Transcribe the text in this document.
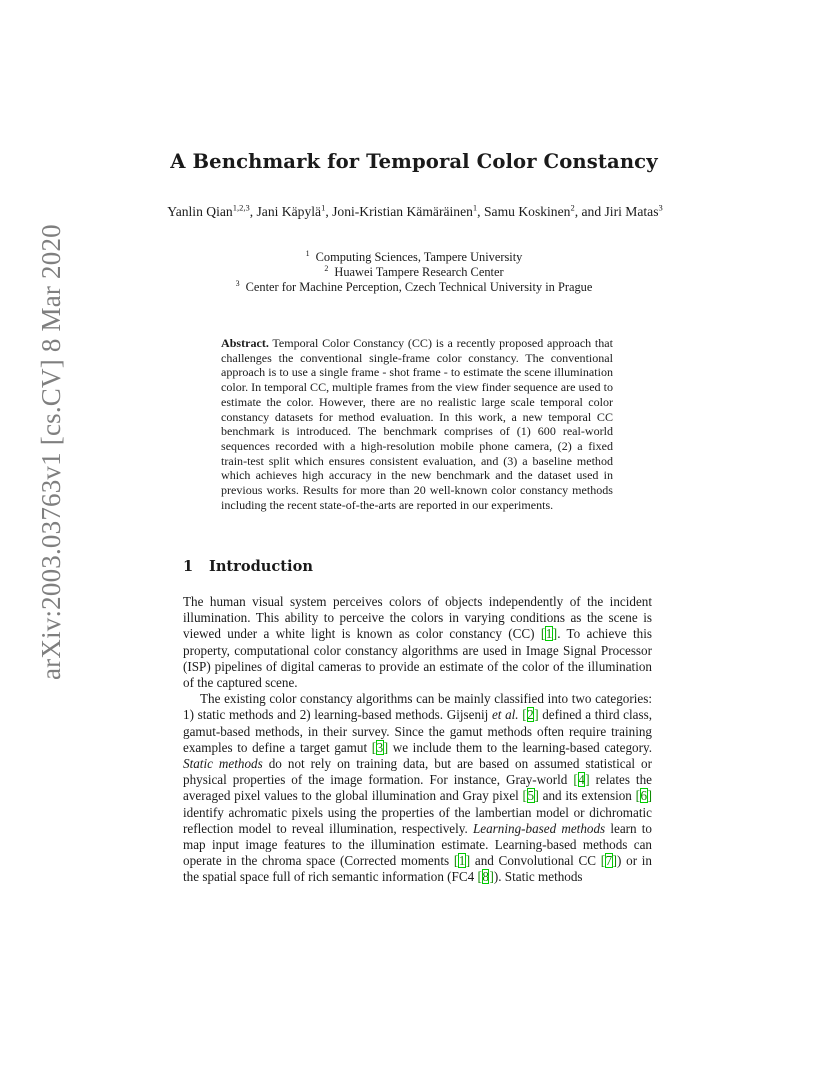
arXiv:2003.03763v1 [cs.CV] 8 Mar 2020
A Benchmark for Temporal Color Constancy
Yanlin Qian$^{1,2,3}$, Jani Käpylä$^1$, Joni-Kristian Kämäräinen$^1$, Samu Koskinen$^2$, and Jiri Matas$^3$
$^1$ Computing Sciences, Tampere University
$^2$ Huawei Tampere Research Center
$^3$ Center for Machine Perception, Czech Technical University in Prague
Abstract. Temporal Color Constancy (CC) is a recently proposed approach that challenges the conventional single-frame color constancy. The conventional approach is to use a single frame - shot frame - to estimate the scene illumination color. In temporal CC, multiple frames from the view finder sequence are used to estimate the color. However, there are no realistic large scale temporal color constancy datasets for method evaluation. In this work, a new temporal CC benchmark is introduced. The benchmark comprises of (1) 600 real-world sequences recorded with a high-resolution mobile phone camera, (2) a fixed train-test split which ensures consistent evaluation, and (3) a baseline method which achieves high accuracy in the new benchmark and the dataset used in previous works. Results for more than 20 well-known color constancy methods including the recent state-of-the-arts are reported in our experiments.
1 Introduction

The human visual system perceives colors of objects independently of the incident illumination. This ability to perceive the colors in varying conditions as the scene is viewed under a white light is known as color constancy (CC) [ 1 ] . To achieve this property, computational color constancy algorithms are used in Image Signal Processor (ISP) pipelines of digital cameras to provide an estimate of the color of the illumination of the captured scene.

The existing color constancy algorithms can be mainly classified into two categories: 1) static methods and 2) learning-based methods. Gijsenij et al. [ 2 ] defined a third class, gamut-based methods, in their survey. Since the gamut methods often require training examples to define a target gamut [ 3 ] we include them to the learning-based category. Static methods do not rely on training data, but are based on assumed statistical or physical properties of the image formation. For instance, Gray-world [ 4 ] relates the averaged pixel values to the global illumination and Gray pixel [ 5 ] and its extension [ 6 ] identify achromatic pixels using the properties of the lambertian model or dichromatic reflection model to reveal illumination, respectively. Learning-based methods learn to map input image features to the illumination estimate. Learning-based methods can operate in the chroma space (Corrected moments [ 1 ] and Convolutional CC [ 7 ] ) or in the spatial space full of rich semantic information (FC4 [ 8 ] ). Static methods
